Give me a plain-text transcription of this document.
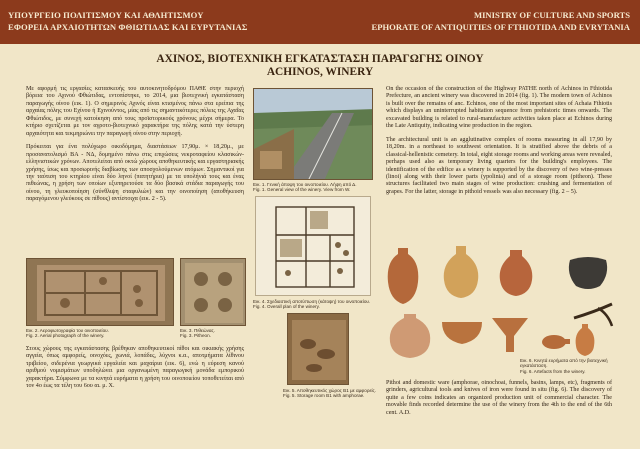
ΥΠΟΥΡΓΕΙΟ ΠΟΛΙΤΙΣΜΟΥ ΚΑΙ ΑΘΛΗΤΙΣΜΟΥ
ΕΦΟΡΕΙΑ ΑΡΧΑΙΟΤΗΤΩΝ ΦΘΙΩΤΙΔΑΣ ΚΑΙ ΕΥΡΥΤΑΝΙΑΣ
MINISTRY OF CULTURE AND SPORTS
EPHORATE OF ANTIQUITIES OF FTHIOTIDA AND EVRYTANIA
ΑΧΙΝΟΣ, ΒΙΟΤΕΧΝΙΚΗ ΕΓΚΑΤΑΣΤΑΣΗ ΠΑΡΑΓΩΓΗΣ ΟΙΝΟΥ
ACHINOS, WINERY

Με αφορμή τις εργασίες κατασκευής του αυτοκινητοδρόμου ΠΑΘΕ στην περιοχή βόρεια του Αχινού Φθιώτιδας, εντοπίστηκε, το 2014, μια βιοτεχνική εγκατάσταση παραγωγής οίνου (εικ. 1). Ο σημερινός Αχινός είναι κτισμένος πάνω στα ερείπια της αρχαίας πόλης του Εχίνου ή Εχινούντος, μίας από τις σημαντικότερες πόλεις της Αχαΐας Φθιώτιδος, με συνεχή κατοίκηση από τους προϊστορικούς χρόνους μέχρι σήμερα. Το κτήριο σχετίζεται με τον αγροτο-βιοτεχνικό χαρακτήρα της πόλης κατά την ύστερη αρχαιότητα και τεκμηριώνει την παραγωγή οίνου στην περιοχή.

Πρόκειται για ένα πολύχωρο οικοδόμημα, διαστάσεων 17,90μ. × 18,20μ., με προσανατολισμό ΒΑ - ΝΔ, δομημένο πάνω στις επιχώσεις νεκροταφείου κλασικών-ελληνιστικών χρόνων. Αποτελείται από οκτώ χώρους αποθηκευτικής και εργαστηριακής χρήσης, ίσως και προσωρινής διαβίωσης των αποσχολούμενων ατόμων. Σημαντικοί για την ταύτιση του κτηρίου είναι δύο ληνοί (πατητήρια) με τα υπολήνιά τους και ένας πιθεώνας, η χρήση των οποίων εξυπηρετούσε τα δύο βασικά στάδια παραγωγής του οίνου, τη γλευκοποίηση (σύνθλιψη σταφυλιών) και την οινοποίηση (αποθήκευση παραγόμενου γλεύκους σε πίθους) αντίστοιχα (εικ. 2 - 5).

Εικ. 2. Αεροφωτογραφία του οινοποιείου.
Fig. 2. Aerial photograph of the winery.
Εικ. 3. Πιθεώνας.
Fig. 3. Pitheon.

Στους χώρους της εγκατάστασης βρέθηκαν αποθηκευτικοί πίθοι και οικιακής χρήσης αγγεία, όπως αμφορείς, οινοχόες, χωνιά, λοπάδες, λύχνοι κ.α., αποτμήματα λίθινου τριβείου, σιδερένια γεωργικά εργαλεία και μαχαίρια (εικ. 6), ενώ η εύρεση κανού αριθμού νομισμάτων υποδηλώνει μια οργανωμένη παραγωγική μονάδα εμπορικού χαρακτήρα. Σύμφωνα με τα κινητά ευρήματα η χρήση του οινοποιείου τοποθετείται από τον 4ο έως τα τέλη του 6ου αι. μ. Χ.

Εικ. 1. Γενική άποψη του οινοποιείου. Λήψη από Δ.
Fig. 1. General view of the winery. View from W.
Εικ. 4. Σχεδιαστική αποτύπωση (κάτοψη) του οινοποιείου.
Fig. 4. Overall plan of the winery.
Εικ. 5. Αποθηκευτικός χώρος Β1 με αμφορείς.
Fig. 5. Storage room B1 with amphorae.

On the occasion of the construction of the Highway PATHE north of Achinos in Fthiotida Prefecture, an ancient winery was discovered in 2014 (fig. 1). The modern town of Achinos is built over the remains of anc. Echinos, one of the most important sites of Achaia Fthiotis which displays an uninterrupted habitation sequence from prehistoric times onwards. The excavated building is related to rural-manufacture activities taken place at Echinos during the Late Antiquity, indicating wine production in the region.

The architectural unit is an agglutinative complex of rooms measuring in all 17,90 by 18,20m. in a northeast to southwest orientation. It is stratified above the debris of a classical-hellenistic cemetery. In total, eight storage rooms and working areas were revealed, perhaps used also as temporary living quarters for the building's employees. The identification of the edifice as a winery is supported by the discovery of two wine-presses (linoi) along with their lower parts (ypolinia) and of a storage room (pitheon). These structures facilitated two main stages of wine production: crushing and fermentation of grapes. For the latter, storage in pithoid vessels was also necessary (fig. 2 – 5).

Εικ. 6. Κινητά ευρήματα από την βιοτεχνική εγκατάσταση.
Fig. 6. Artefacts from the winery.

Pithoi and domestic ware (amphorae, oinochoai, funnels, basins, lamps, etc), fragments of grinders, agricultural tools and knives of iron were found in situ (fig. 6). The discovery of quite a few coins indicates an organized production unit of commercial character. The movable finds recorded determine the use of the winery from the 4th to the end of the 6th cent. A.D.
